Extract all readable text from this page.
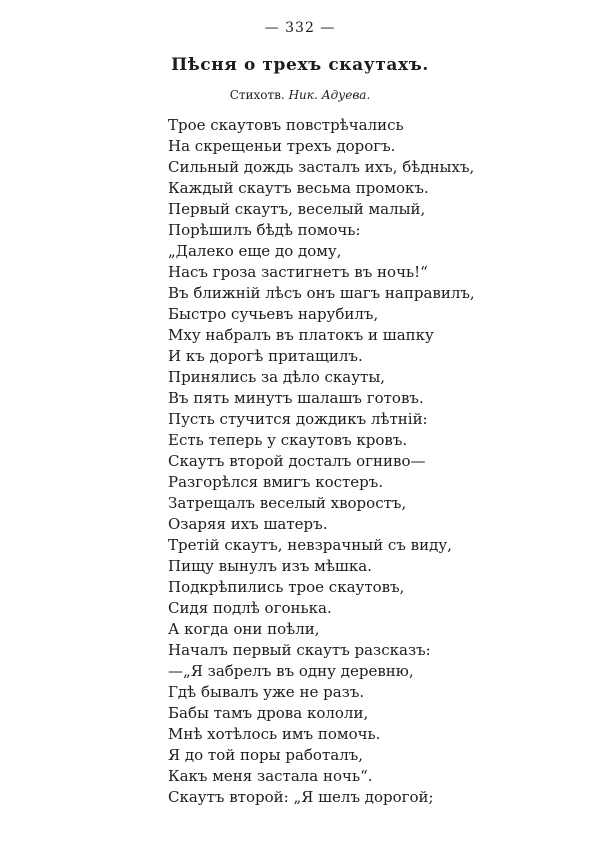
— 332 —
Пѣсня о трехъ скаутахъ.
Стихотв. Ник. Адуева.
Трое скаутовъ повстрѣчались
На скрещеньи трехъ дорогъ.
Сильный дождь засталъ ихъ, бѣдныхъ,
Каждый скаутъ весьма промокъ.
Первый скаутъ, веселый малый,
Порѣшилъ бѣдѣ помочь:
„Далеко еще до дому,
Насъ гроза застигнетъ въ ночь!“
Въ ближній лѣсъ онъ шагъ направилъ,
Быстро сучьевъ нарубилъ,
Мху набралъ въ платокъ и шапку
И къ дорогѣ притащилъ.
Принялись за дѣло скауты,
Въ пять минутъ шалашъ готовъ.
Пусть стучится дождикъ лѣтній:
Есть теперь у скаутовъ кровъ.
Скаутъ второй досталъ огниво—
Разгорѣлся вмигъ костеръ.
Затрещалъ веселый хворостъ,
Озаряя ихъ шатеръ.
Третій скаутъ, невзрачный съ виду,
Пищу вынулъ изъ мѣшка.
Подкрѣпились трое скаутовъ,
Сидя подлѣ огонька.
А когда они поѣли,
Началъ первый скаутъ разсказъ:
—„Я забрелъ въ одну деревню,
Гдѣ бывалъ уже не разъ.
Бабы тамъ дрова кололи,
Мнѣ хотѣлось имъ помочь.
Я до той поры работалъ,
Какъ меня застала ночь“.
Скаутъ второй: „Я шелъ дорогой;
